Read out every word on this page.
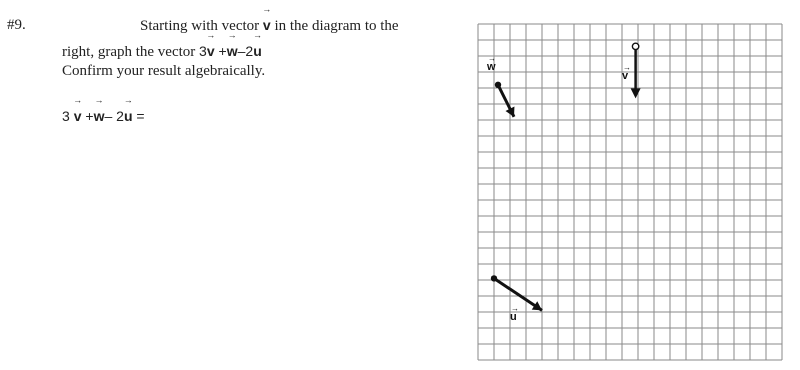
#9.	Starting with vector → v in the diagram to the
right, graph the vector 3→ v +→ w–2→ u
Confirm your result algebraically.
3 → v +→ w– 2→ u =
w
→
v
→
u
→
